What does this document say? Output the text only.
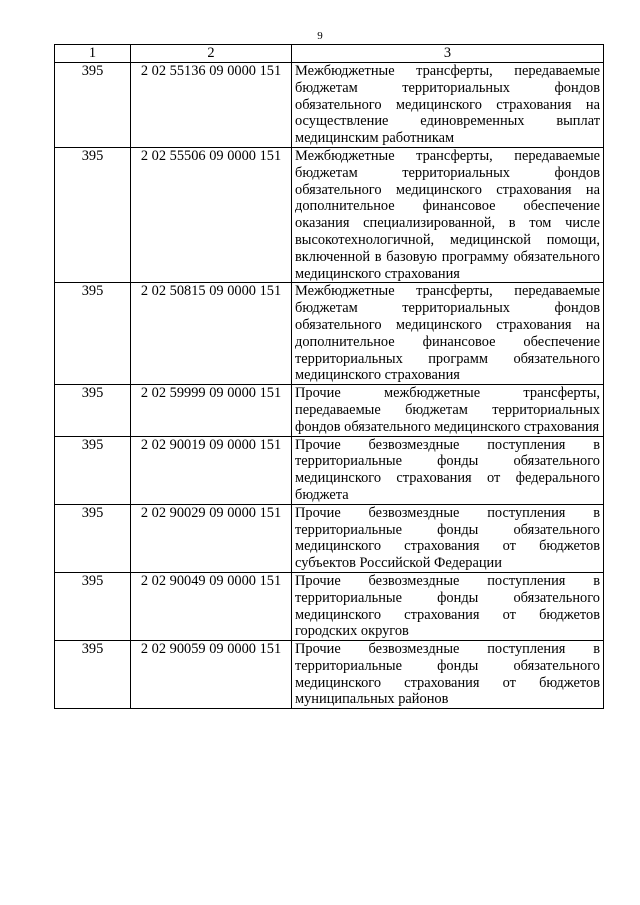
9
1	2	3
395	2 02 55136 09 0000 151	Межбюджетные трансферты, передаваемые бюджетам территориальных фондов обязательного медицинского страхования на осуществление единовременных выплат медицинским работникам
395	2 02 55506 09 0000 151	Межбюджетные трансферты, передаваемые бюджетам территориальных фондов обязательного медицинского страхования на дополнительное финансовое обеспечение оказания специализированной, в том числе высокотехнологичной, медицинской помощи, включенной в базовую программу обязательного медицинского страхования
395	2 02 50815 09 0000 151	Межбюджетные трансферты, передаваемые бюджетам территориальных фондов обязательного медицинского страхования на дополнительное финансовое обеспечение территориальных программ обязательного медицинского страхования
395	2 02 59999 09 0000 151	Прочие межбюджетные трансферты, передаваемые бюджетам территориальных фондов обязательного медицинского страхования
395	2 02 90019 09 0000 151	Прочие безвозмездные поступления в территориальные фонды обязательного медицинского страхования от федерального бюджета
395	2 02 90029 09 0000 151	Прочие безвозмездные поступления в территориальные фонды обязательного медицинского страхования от бюджетов субъектов Российской Федерации
395	2 02 90049 09 0000 151	Прочие безвозмездные поступления в территориальные фонды обязательного медицинского страхования от бюджетов городских округов
395	2 02 90059 09 0000 151	Прочие безвозмездные поступления в территориальные фонды обязательного медицинского страхования от бюджетов муниципальных районов
